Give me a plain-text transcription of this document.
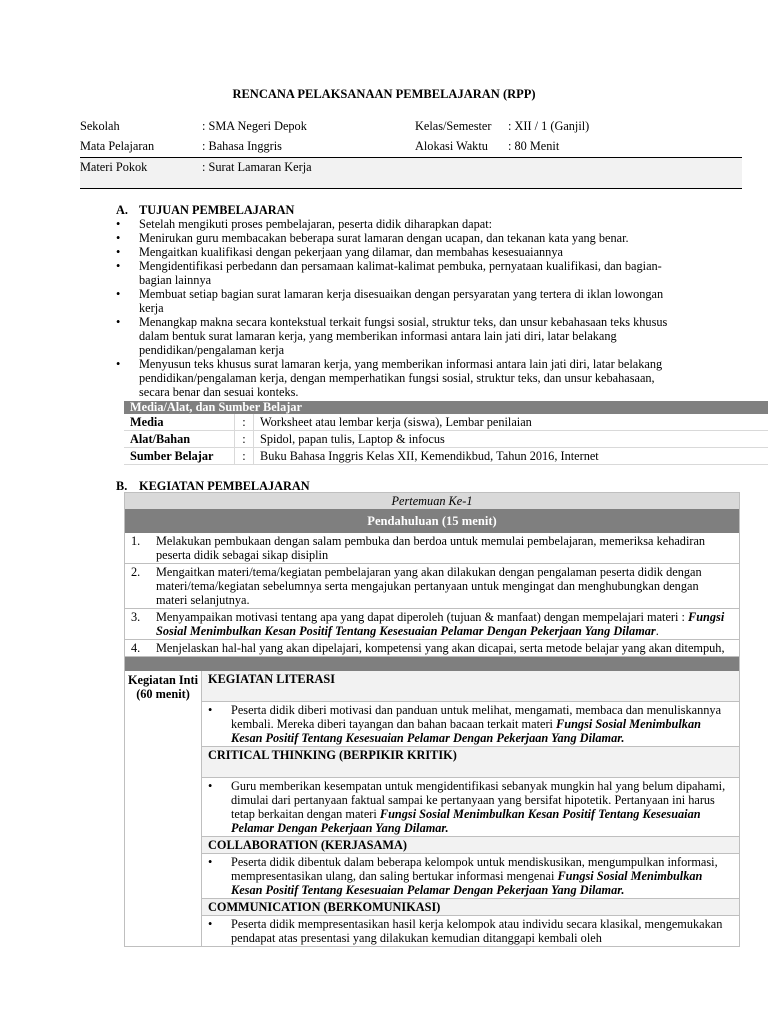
RENCANA PELAKSANAAN PEMBELAJARAN (RPP)
Sekolah	: SMA Negeri Depok	Kelas/Semester : XII / 1 (Ganjil)
Mata Pelajaran	: Bahasa Inggris	Alokasi Waktu : 80 Menit
Materi Pokok	: Surat Lamaran Kerja
A. TUJUAN PEMBELAJARAN
• Setelah mengikuti proses pembelajaran, peserta didik diharapkan dapat:
• Menirukan guru membacakan beberapa surat lamaran dengan ucapan, dan tekanan kata yang benar.
• Mengaitkan kualifikasi dengan pekerjaan yang dilamar, dan membahas kesesuaiannya
• Mengidentifikasi perbedann dan persamaan kalimat-kalimat pembuka, pernyataan kualifikasi, dan bagian-bagian lainnya
• Membuat setiap bagian surat lamaran kerja disesuaikan dengan persyaratan yang tertera di iklan lowongan kerja
• Menangkap makna secara kontekstual terkait fungsi sosial, struktur teks, dan unsur kebahasaan teks khusus dalam bentuk surat lamaran kerja, yang memberikan informasi antara lain jati diri, latar belakang pendidikan/pengalaman kerja
• Menyusun teks khusus surat lamaran kerja, yang memberikan informasi antara lain jati diri, latar belakang pendidikan/pengalaman kerja, dengan memperhatikan fungsi sosial, struktur teks, dan unsur kebahasaan, secara benar dan sesuai konteks.
Media/Alat, dan Sumber Belajar
Media	:	Worksheet atau lembar kerja (siswa), Lembar penilaian
Alat/Bahan	:	Spidol, papan tulis, Laptop & infocus
Sumber Belajar	:	Buku Bahasa Inggris Kelas XII, Kemendikbud, Tahun 2016, Internet
B. KEGIATAN PEMBELAJARAN
Pertemuan Ke-1
Pendahuluan (15 menit)
1. Melakukan pembukaan dengan salam pembuka dan berdoa untuk memulai pembelajaran, memeriksa kehadiran peserta didik sebagai sikap disiplin
2. Mengaitkan materi/tema/kegiatan pembelajaran yang akan dilakukan dengan pengalaman peserta didik dengan materi/tema/kegiatan sebelumnya serta mengajukan pertanyaan untuk mengingat dan menghubungkan dengan materi selanjutnya.
3. Menyampaikan motivasi tentang apa yang dapat diperoleh (tujuan & manfaat) dengan mempelajari materi : Fungsi Sosial Menimbulkan Kesan Positif Tentang Kesesuaian Pelamar Dengan Pekerjaan Yang Dilamar.
4. Menjelaskan hal-hal yang akan dipelajari, kompetensi yang akan dicapai, serta metode belajar yang akan ditempuh,
Kegiatan Inti
(60 menit)
KEGIATAN LITERASI
• Peserta didik diberi motivasi dan panduan untuk melihat, mengamati, membaca dan menuliskannya kembali. Mereka diberi tayangan dan bahan bacaan terkait materi Fungsi Sosial Menimbulkan Kesan Positif Tentang Kesesuaian Pelamar Dengan Pekerjaan Yang Dilamar.
CRITICAL THINKING (BERPIKIR KRITIK)
• Guru memberikan kesempatan untuk mengidentifikasi sebanyak mungkin hal yang belum dipahami, dimulai dari pertanyaan faktual sampai ke pertanyaan yang bersifat hipotetik. Pertanyaan ini harus tetap berkaitan dengan materi Fungsi Sosial Menimbulkan Kesan Positif Tentang Kesesuaian Pelamar Dengan Pekerjaan Yang Dilamar.
COLLABORATION (KERJASAMA)
• Peserta didik dibentuk dalam beberapa kelompok untuk mendiskusikan, mengumpulkan informasi, mempresentasikan ulang, dan saling bertukar informasi mengenai Fungsi Sosial Menimbulkan Kesan Positif Tentang Kesesuaian Pelamar Dengan Pekerjaan Yang Dilamar.
COMMUNICATION (BERKOMUNIKASI)
• Peserta didik mempresentasikan hasil kerja kelompok atau individu secara klasikal, mengemukakan pendapat atas presentasi yang dilakukan kemudian ditanggapi kembali oleh
